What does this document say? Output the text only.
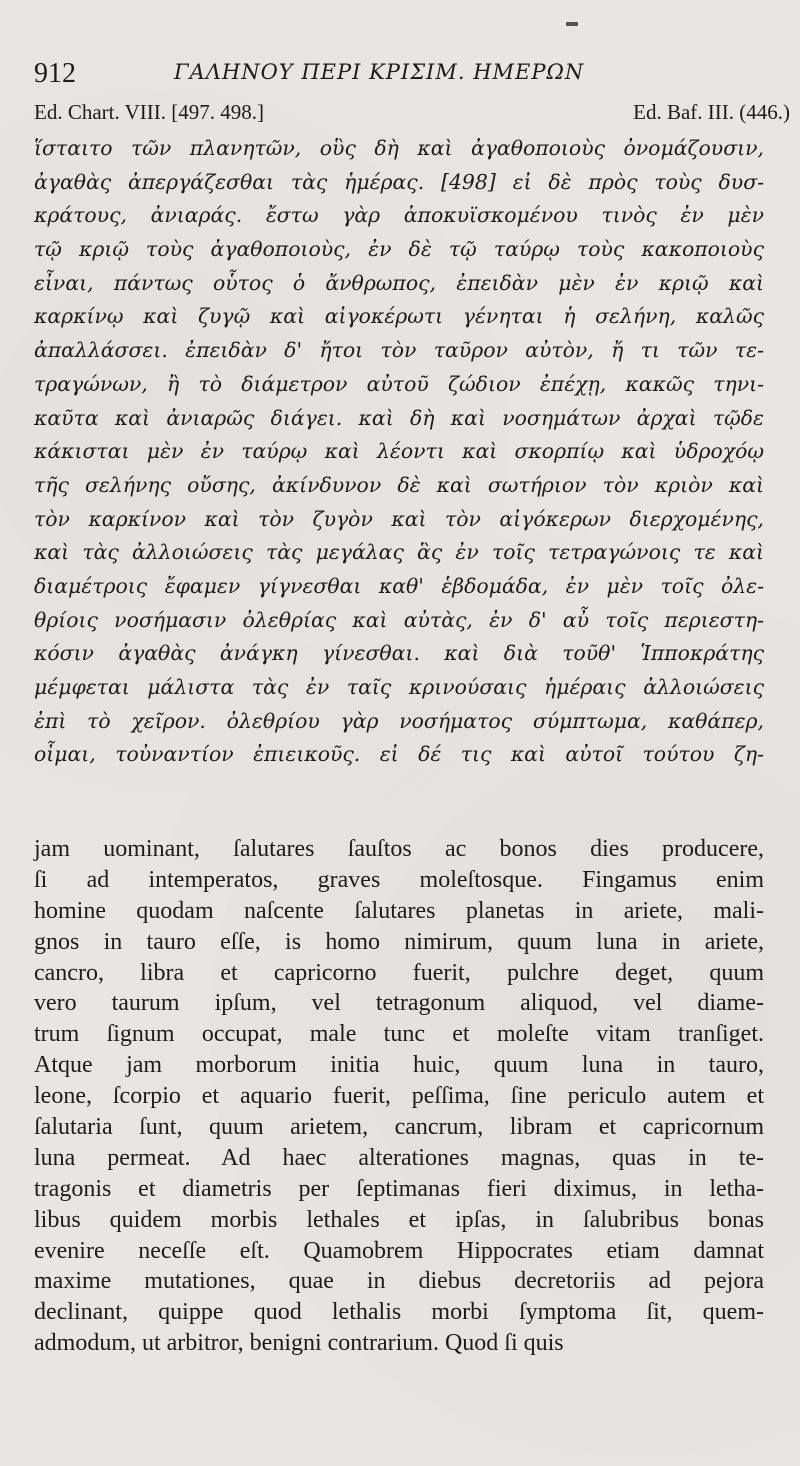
912	ΓΑΛΗΝΟΥ ΠΕΡΙ ΚΡΙΣΙΜ. ΗΜΕΡΩΝ
Ed. Chart. VIII. [497. 498.]	Ed. Baf. III. (446.)
ἵσταιτο τῶν πλανητῶν, οὓς δὴ καὶ ἀγαθοποιοὺς ὀνομάζουσιν,
ἀγαθὰς ἀπεργάζεσθαι τὰς ἡμέρας. [498] εἰ δὲ πρὸς τοὺς δυσ-
κράτους, ἀνιαράς. ἔστω γὰρ ἀποκυϊσκομένου τινὸς ἐν μὲν
τῷ κριῷ τοὺς ἀγαθοποιοὺς, ἐν δὲ τῷ ταύρῳ τοὺς κακοποιοὺς
εἶναι, πάντως οὗτος ὁ ἄνθρωπος, ἐπειδὰν μὲν ἐν κριῷ καὶ
καρκίνῳ καὶ ζυγῷ καὶ αἰγοκέρωτι γένηται ἡ σελήνη, καλῶς
ἀπαλλάσσει. ἐπειδὰν δ' ἤτοι τὸν ταῦρον αὐτὸν, ἤ τι τῶν τε-
τραγώνων, ἢ τὸ διάμετρον αὐτοῦ ζώδιον ἐπέχῃ, κακῶς τηνι-
καῦτα καὶ ἀνιαρῶς διάγει. καὶ δὴ καὶ νοσημάτων ἀρχαὶ τῷδε
κάκισται μὲν ἐν ταύρῳ καὶ λέοντι καὶ σκορπίῳ καὶ ὑδροχόῳ
τῆς σελήνης οὔσης, ἀκίνδυνον δὲ καὶ σωτήριον τὸν κριὸν καὶ
τὸν καρκίνον καὶ τὸν ζυγὸν καὶ τὸν αἰγόκερων διερχομένης,
καὶ τὰς ἀλλοιώσεις τὰς μεγάλας ἃς ἐν τοῖς τετραγώνοις τε καὶ
διαμέτροις ἔφαμεν γίγνεσθαι καθ' ἑβδομάδα, ἐν μὲν τοῖς ὀλε-
θρίοις νοσήμασιν ὀλεθρίας καὶ αὐτὰς, ἐν δ' αὖ τοῖς περιεστη-
κόσιν ἀγαθὰς ἀνάγκη γίνεσθαι. καὶ διὰ τοῦθ' Ἱπποκράτης
μέμφεται μάλιστα τὰς ἐν ταῖς κρινούσαις ἡμέραις ἀλλοιώσεις
ἐπὶ τὸ χεῖρον. ὀλεθρίου γὰρ νοσήματος σύμπτωμα, καθάπερ,
οἶμαι, τοὐναντίον ἐπιεικοῦς. εἰ δέ τις καὶ αὐτοῖ τούτου ζη-
jam uominant, ſalutares ſauſtos ac bonos dies producere,
ſi ad intemperatos, graves moleſtosque. Fingamus enim
homine quodam naſcente ſalutares planetas in ariete, mali-
gnos in tauro eſſe, is homo nimirum, quum luna in ariete,
cancro, libra et capricorno fuerit, pulchre deget, quum
vero taurum ipſum, vel tetragonum aliquod, vel diame-
trum ſignum occupat, male tunc et moleſte vitam tranſiget.
Atque jam morborum initia huic, quum luna in tauro,
leone, ſcorpio et aquario fuerit, peſſima, ſine periculo autem et
ſalutaria ſunt, quum arietem, cancrum, libram et capricornum
luna permeat. Ad haec alterationes magnas, quas in te-
tragonis et diametris per ſeptimanas fieri diximus, in letha-
libus quidem morbis lethales et ipſas, in ſalubribus bonas
evenire neceſſe eſt. Quamobrem Hippocrates etiam damnat
maxime mutationes, quae in diebus decretoriis ad pejora
declinant, quippe quod lethalis morbi ſymptoma ſit, quem-
admodum, ut arbitror, benigni contrarium. Quod ſi quis
